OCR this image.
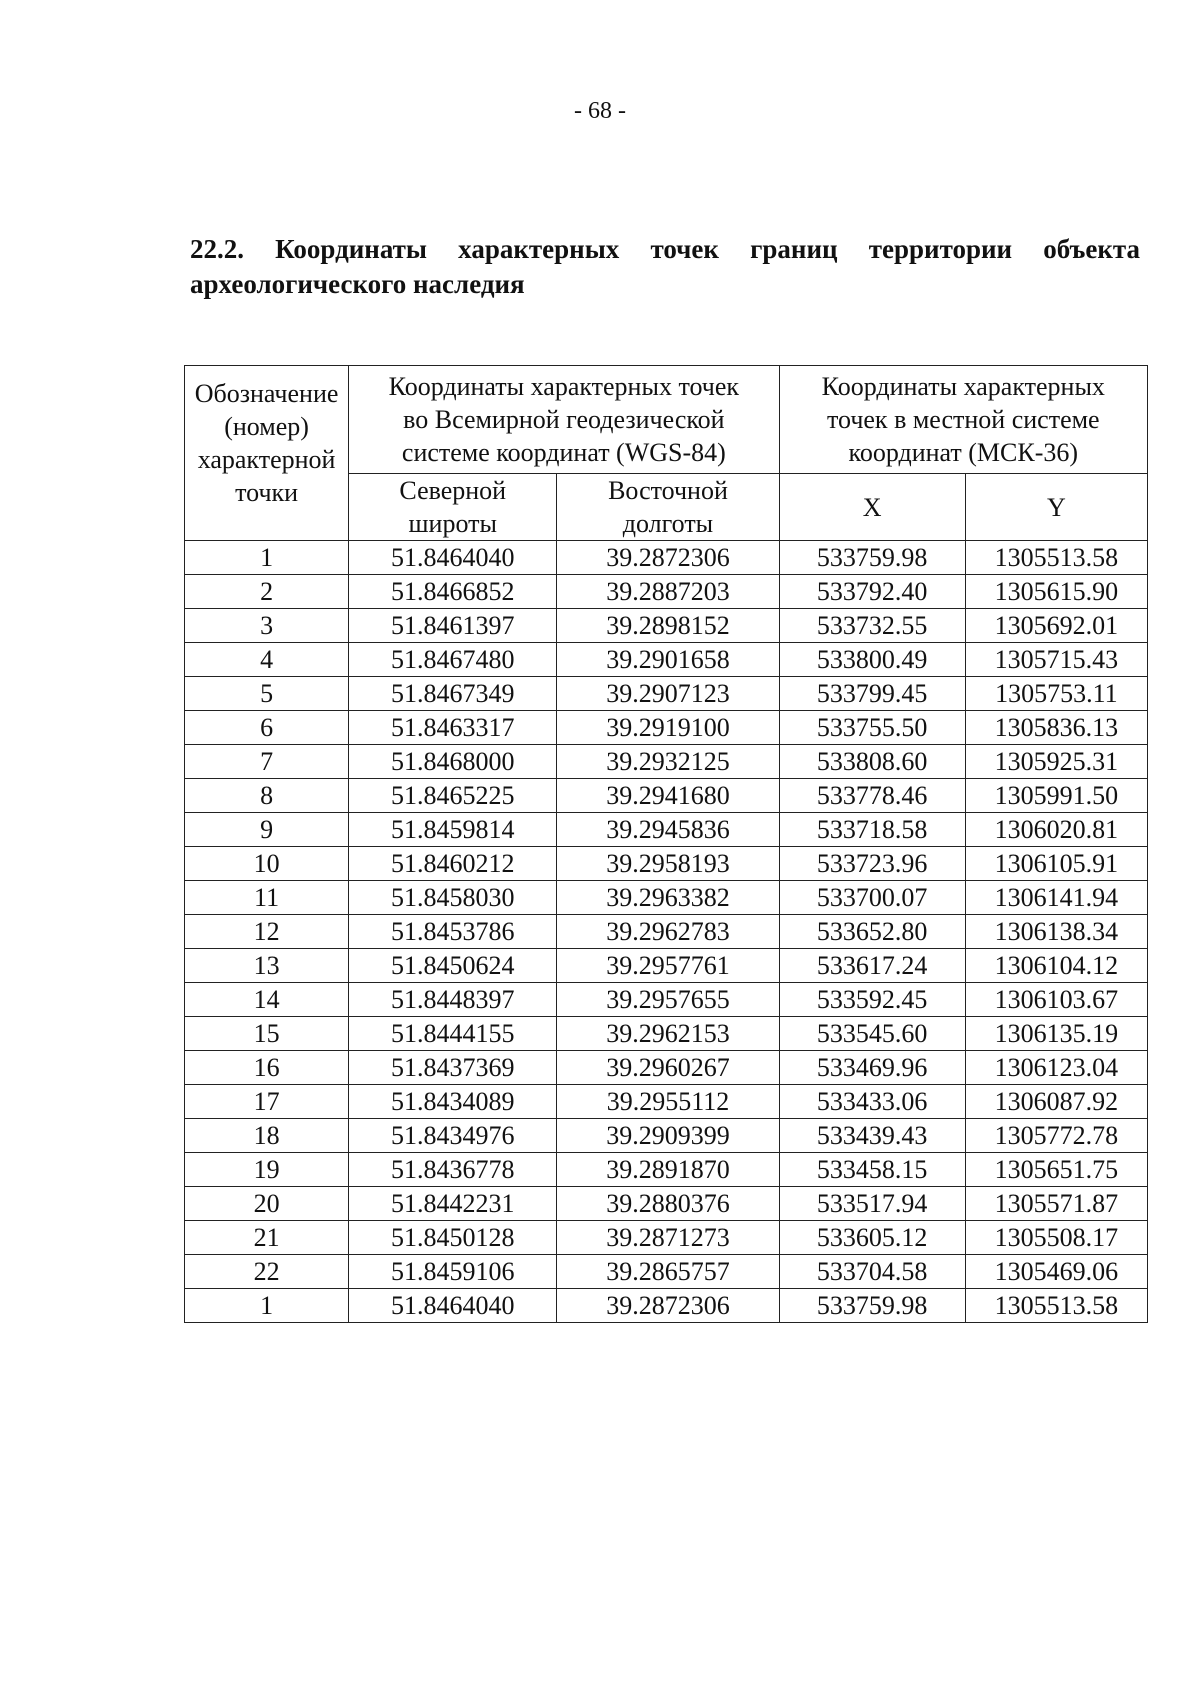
- 68 -
22.2. Координаты характерных точек границ территории объекта археологического наследия
Обозначение (номер) характерной точки	Координаты характерных точек во Всемирной геодезической системе координат (WGS-84)		Координаты характерных точек в местной системе координат (МСК-36)	
	Северной широты	Восточной долготы	X	Y
1	51.8464040	39.2872306	533759.98	1305513.58
2	51.8466852	39.2887203	533792.40	1305615.90
3	51.8461397	39.2898152	533732.55	1305692.01
4	51.8467480	39.2901658	533800.49	1305715.43
5	51.8467349	39.2907123	533799.45	1305753.11
6	51.8463317	39.2919100	533755.50	1305836.13
7	51.8468000	39.2932125	533808.60	1305925.31
8	51.8465225	39.2941680	533778.46	1305991.50
9	51.8459814	39.2945836	533718.58	1306020.81
10	51.8460212	39.2958193	533723.96	1306105.91
11	51.8458030	39.2963382	533700.07	1306141.94
12	51.8453786	39.2962783	533652.80	1306138.34
13	51.8450624	39.2957761	533617.24	1306104.12
14	51.8448397	39.2957655	533592.45	1306103.67
15	51.8444155	39.2962153	533545.60	1306135.19
16	51.8437369	39.2960267	533469.96	1306123.04
17	51.8434089	39.2955112	533433.06	1306087.92
18	51.8434976	39.2909399	533439.43	1305772.78
19	51.8436778	39.2891870	533458.15	1305651.75
20	51.8442231	39.2880376	533517.94	1305571.87
21	51.8450128	39.2871273	533605.12	1305508.17
22	51.8459106	39.2865757	533704.58	1305469.06
1	51.8464040	39.2872306	533759.98	1305513.58
